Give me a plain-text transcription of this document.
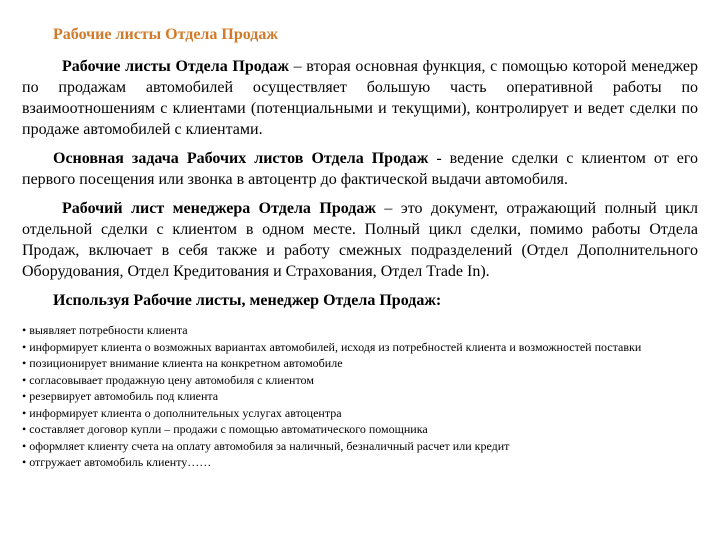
Рабочие листы Отдела Продаж

Рабочие листы Отдела Продаж – вторая основная функция, с помощью которой менеджер по продажам автомобилей осуществляет большую часть оперативной работы по взаимоотношениям с клиентами (потенциальными и текущими), контролирует и ведет сделки по продаже автомобилей с клиентами.

Основная задача Рабочих листов Отдела Продаж - ведение сделки с клиентом от его первого посещения или звонка в автоцентр до фактической выдачи автомобиля.

Рабочий лист менеджера Отдела Продаж – это документ, отражающий полный цикл отдельной сделки с клиентом в одном месте. Полный цикл сделки, помимо работы Отдела Продаж, включает в себя также и работу смежных подразделений (Отдел Дополнительного Оборудования, Отдел Кредитования и Страхования, Отдел Trade In).

Используя Рабочие листы, менеджер Отдела Продаж:
• выявляет потребности клиента
• информирует клиента о возможных вариантах автомобилей, исходя из потребностей клиента и возможностей поставки
• позиционирует внимание клиента на конкретном автомобиле
• согласовывает продажную цену автомобиля с клиентом
• резервирует автомобиль под клиента
• информирует клиента о дополнительных услугах автоцентра
• составляет договор купли – продажи с помощью автоматического помощника
• оформляет клиенту счета на оплату автомобиля за наличный, безналичный расчет или кредит
• отгружает автомобиль клиенту……
